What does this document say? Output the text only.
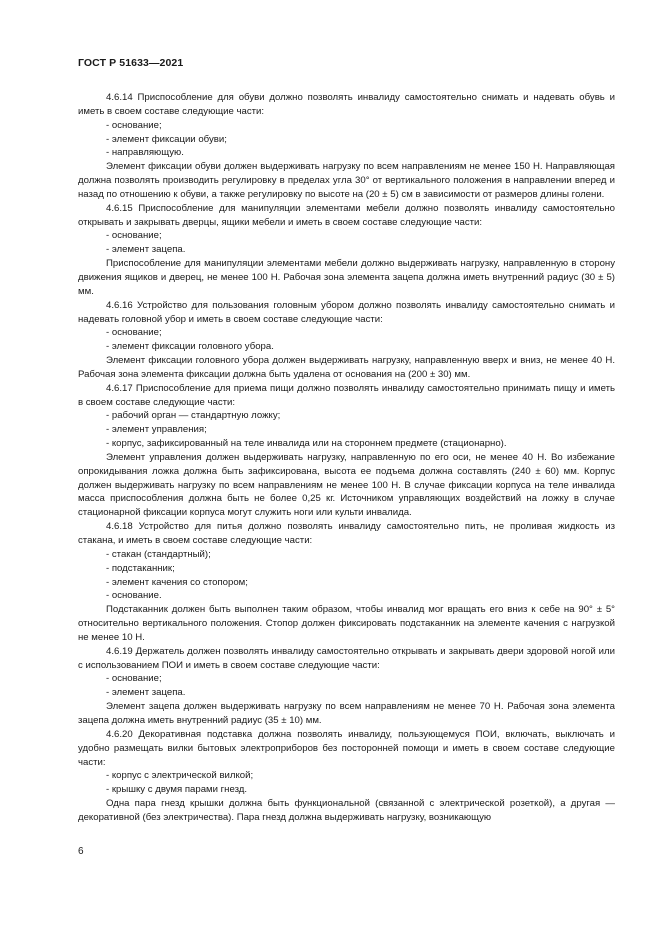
ГОСТ Р 51633—2021

4.6.14 Приспособление для обуви должно позволять инвалиду самостоятельно снимать и надевать обувь и иметь в своем составе следующие части:

- основание;

- элемент фиксации обуви;

- направляющую.

Элемент фиксации обуви должен выдерживать нагрузку по всем направлениям не менее 150 Н. Направляющая должна позволять производить регулировку в пределах угла 30° от вертикального положения в направлении вперед и назад по отношению к обуви, а также регулировку по высоте на (20 ± 5) см в зависимости от размеров длины голени.

4.6.15 Приспособление для манипуляции элементами мебели должно позволять инвалиду самостоятельно открывать и закрывать дверцы, ящики мебели и иметь в своем составе следующие части:

- основание;

- элемент зацепа.

Приспособление для манипуляции элементами мебели должно выдерживать нагрузку, направленную в сторону движения ящиков и дверец, не менее 100 Н. Рабочая зона элемента зацепа должна иметь внутренний радиус (30 ± 5) мм.

4.6.16 Устройство для пользования головным убором должно позволять инвалиду самостоятельно снимать и надевать головной убор и иметь в своем составе следующие части:

- основание;

- элемент фиксации головного убора.

Элемент фиксации головного убора должен выдерживать нагрузку, направленную вверх и вниз, не менее 40 Н. Рабочая зона элемента фиксации должна быть удалена от основания на (200 ± 30) мм.

4.6.17 Приспособление для приема пищи должно позволять инвалиду самостоятельно принимать пищу и иметь в своем составе следующие части:

- рабочий орган — стандартную ложку;

- элемент управления;

- корпус, зафиксированный на теле инвалида или на стороннем предмете (стационарно).

Элемент управления должен выдерживать нагрузку, направленную по его оси, не менее 40 Н. Во избежание опрокидывания ложка должна быть зафиксирована, высота ее подъема должна составлять (240 ± 60) мм. Корпус должен выдерживать нагрузку по всем направлениям не менее 100 Н. В случае фиксации корпуса на теле инвалида масса приспособления должна быть не более 0,25 кг. Источником управляющих воздействий на ложку в случае стационарной фиксации корпуса могут служить ноги или культи инвалида.

4.6.18 Устройство для питья должно позволять инвалиду самостоятельно пить, не проливая жидкость из стакана, и иметь в своем составе следующие части:

- стакан (стандартный);

- подстаканник;

- элемент качения со стопором;

- основание.

Подстаканник должен быть выполнен таким образом, чтобы инвалид мог вращать его вниз к себе на 90° ± 5° относительно вертикального положения. Стопор должен фиксировать подстаканник на элементе качения с нагрузкой не менее 10 Н.

4.6.19 Держатель должен позволять инвалиду самостоятельно открывать и закрывать двери здоровой ногой или с использованием ПОИ и иметь в своем составе следующие части:

- основание;

- элемент зацепа.

Элемент зацепа должен выдерживать нагрузку по всем направлениям не менее 70 Н. Рабочая зона элемента зацепа должна иметь внутренний радиус (35 ± 10) мм.

4.6.20 Декоративная подставка должна позволять инвалиду, пользующемуся ПОИ, включать, выключать и удобно размещать вилки бытовых электроприборов без посторонней помощи и иметь в своем составе следующие части:

- корпус с электрической вилкой;

- крышку с двумя парами гнезд.

Одна пара гнезд крышки должна быть функциональной (связанной с электрической розеткой), а другая — декоративной (без электричества). Пара гнезд должна выдерживать нагрузку, возникающую

6
